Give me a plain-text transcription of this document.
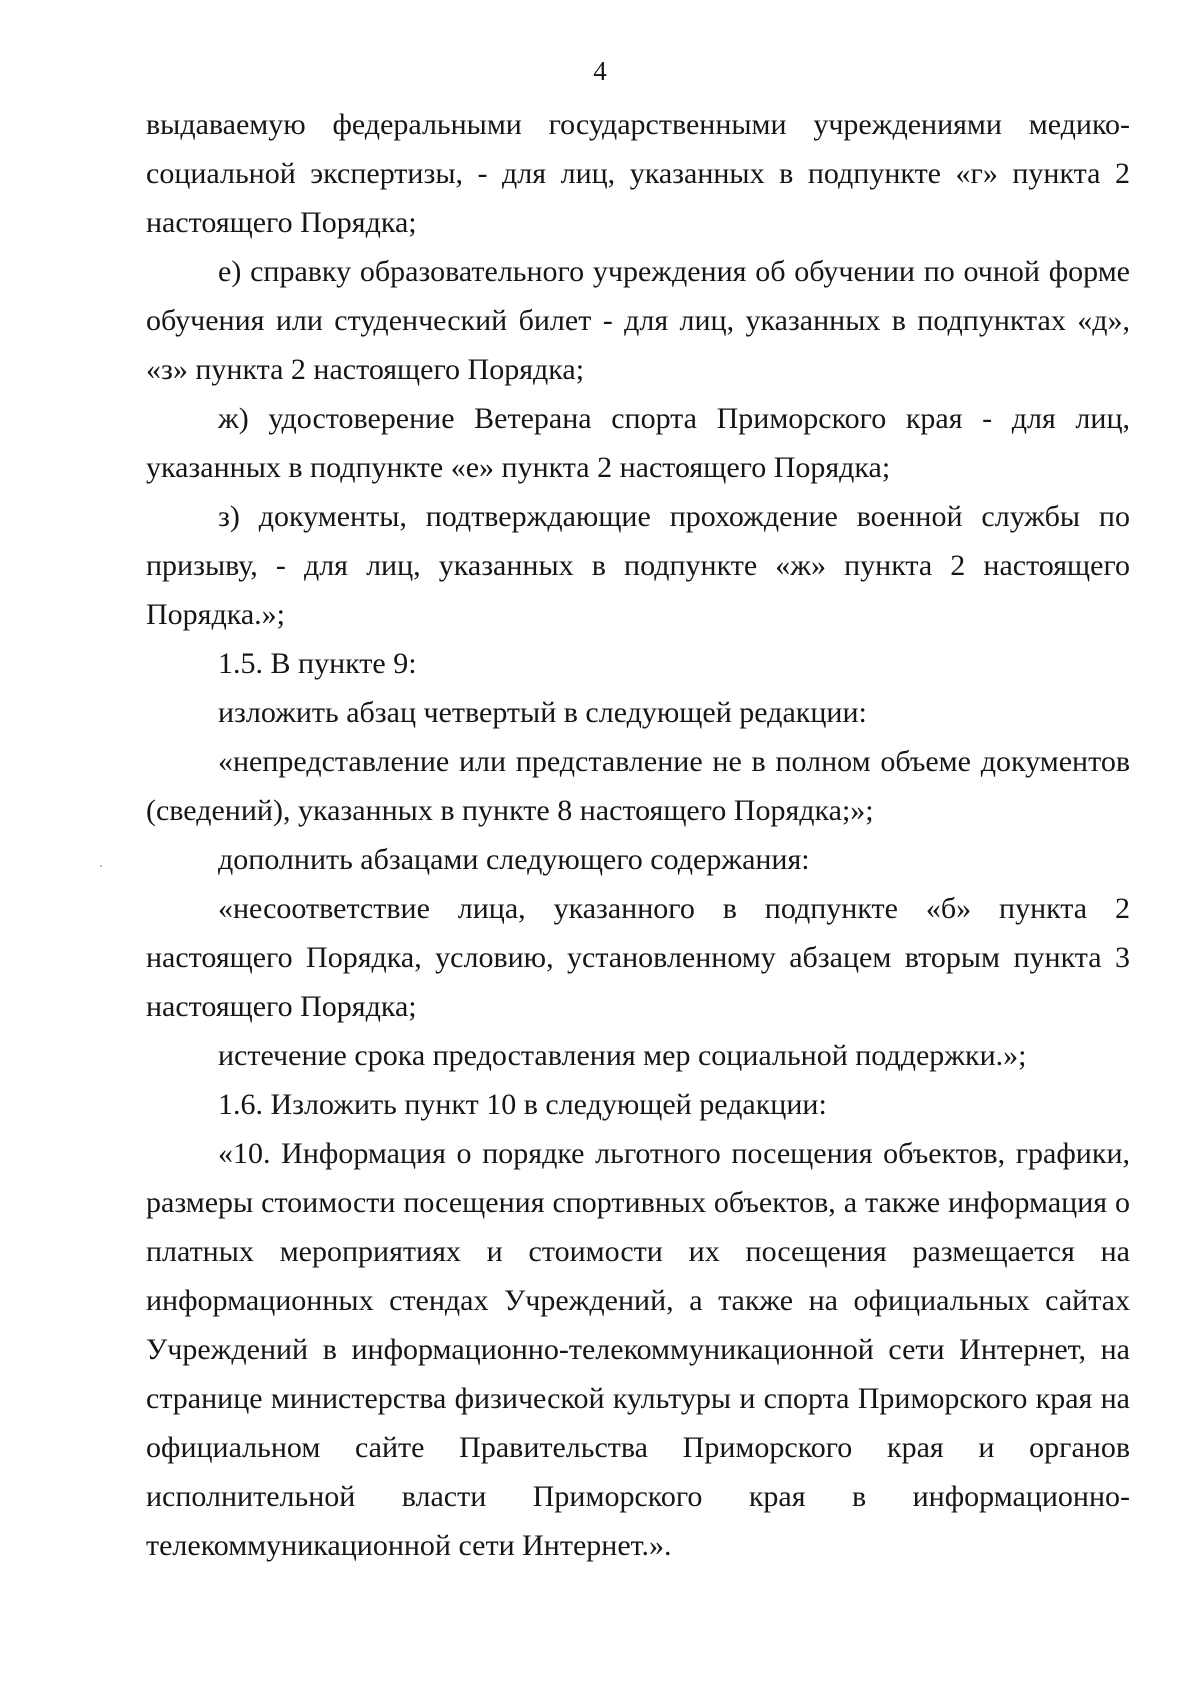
4

выдаваемую федеральными государственными учреждениями медико-социальной экспертизы, - для лиц, указанных в подпункте «г» пункта 2 настоящего Порядка;

е) справку образовательного учреждения об обучении по очной форме обучения или студенческий билет - для лиц, указанных в подпунктах «д», «з» пункта 2 настоящего Порядка;

ж) удостоверение Ветерана спорта Приморского края - для лиц, указанных в подпункте «е» пункта 2 настоящего Порядка;

з) документы, подтверждающие прохождение военной службы по призыву, - для лиц, указанных в подпункте «ж» пункта 2 настоящего Порядка.»;

1.5. В пункте 9:

изложить абзац четвертый в следующей редакции:

«непредставление или представление не в полном объеме документов (сведений), указанных в пункте 8 настоящего Порядка;»;

дополнить абзацами следующего содержания:

«несоответствие лица, указанного в подпункте «б» пункта 2 настоящего Порядка, условию, установленному абзацем вторым пункта 3 настоящего Порядка;

истечение срока предоставления мер социальной поддержки.»;

1.6. Изложить пункт 10 в следующей редакции:

«10. Информация о порядке льготного посещения объектов, графики, размеры стоимости посещения спортивных объектов, а также информация о платных мероприятиях и стоимости их посещения размещается на информационных стендах Учреждений, а также на официальных сайтах Учреждений в информационно-телекоммуникационной сети Интернет, на странице министерства физической культуры и спорта Приморского края на официальном сайте Правительства Приморского края и органов исполнительной власти Приморского края в информационно-телекоммуникационной сети Интернет.».
